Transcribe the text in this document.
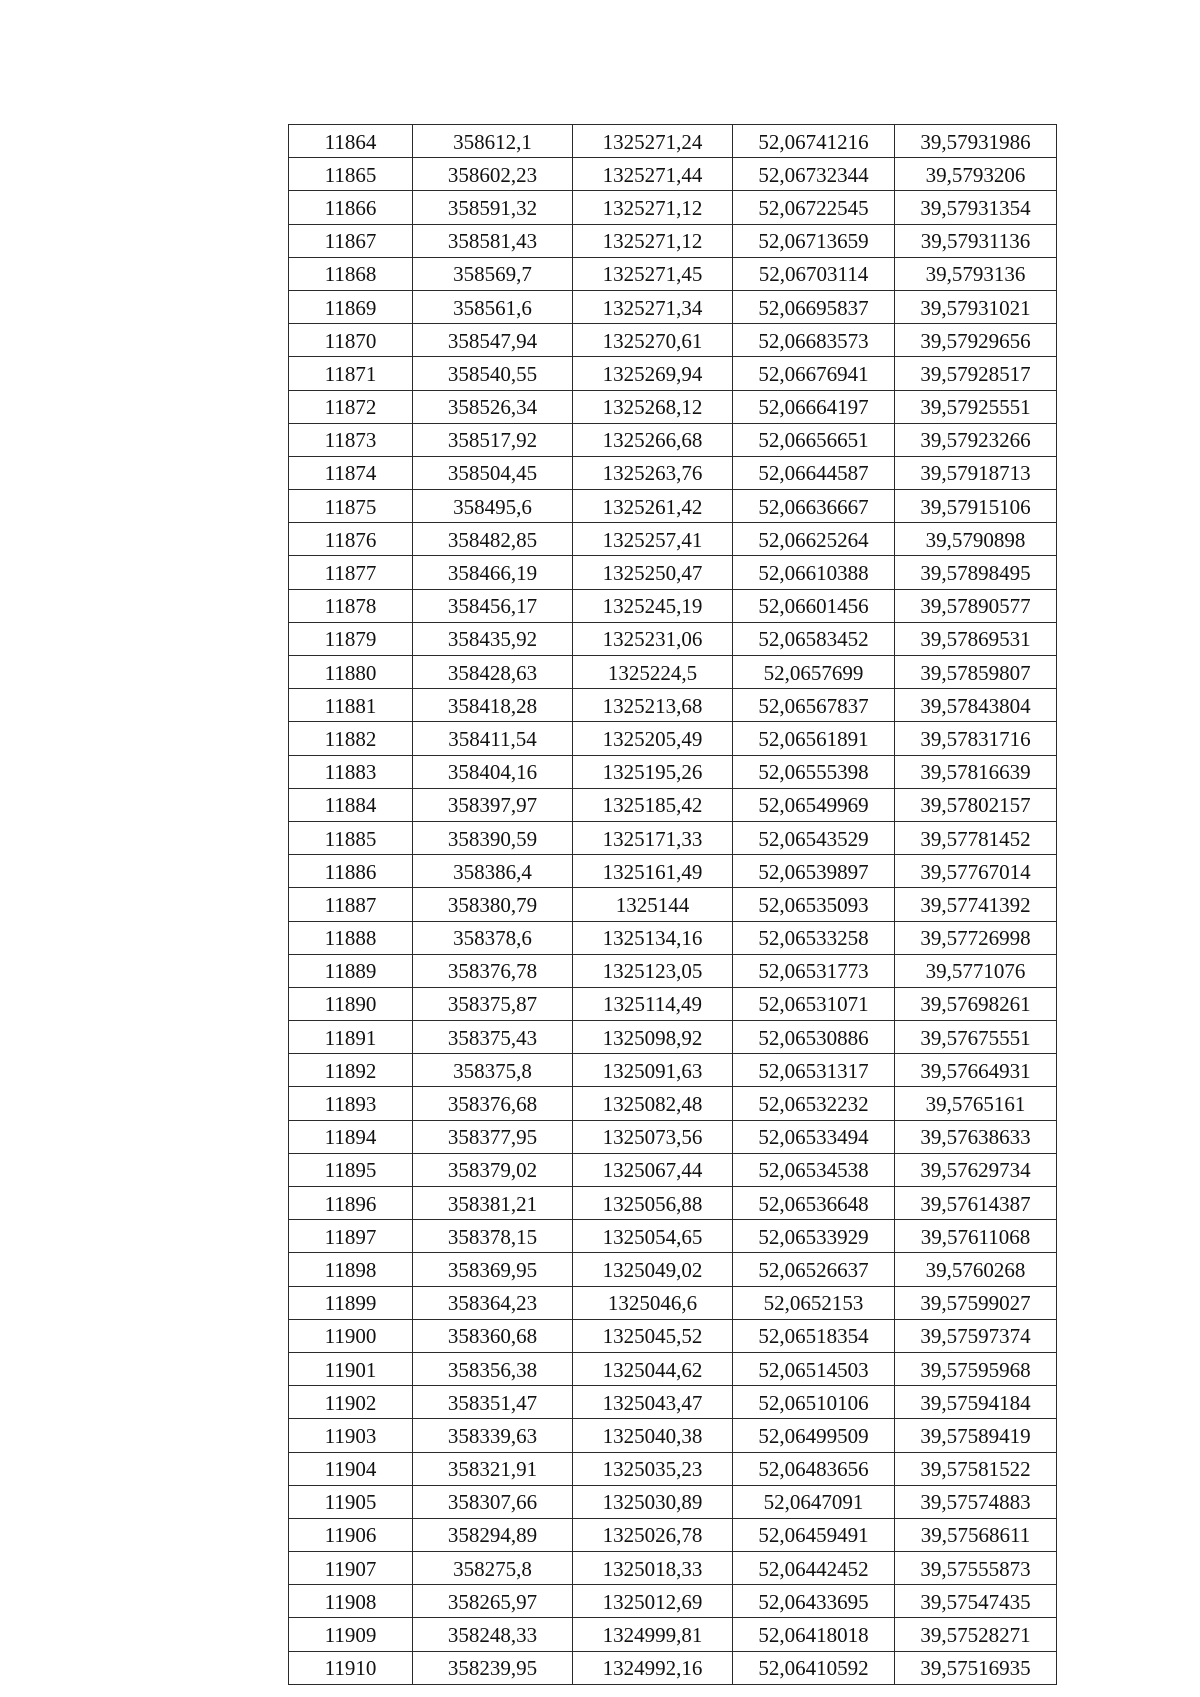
11864	358612,1	1325271,24	52,06741216	39,57931986
11865	358602,23	1325271,44	52,06732344	39,5793206
11866	358591,32	1325271,12	52,06722545	39,57931354
11867	358581,43	1325271,12	52,06713659	39,57931136
11868	358569,7	1325271,45	52,06703114	39,5793136
11869	358561,6	1325271,34	52,06695837	39,57931021
11870	358547,94	1325270,61	52,06683573	39,57929656
11871	358540,55	1325269,94	52,06676941	39,57928517
11872	358526,34	1325268,12	52,06664197	39,57925551
11873	358517,92	1325266,68	52,06656651	39,57923266
11874	358504,45	1325263,76	52,06644587	39,57918713
11875	358495,6	1325261,42	52,06636667	39,57915106
11876	358482,85	1325257,41	52,06625264	39,5790898
11877	358466,19	1325250,47	52,06610388	39,57898495
11878	358456,17	1325245,19	52,06601456	39,57890577
11879	358435,92	1325231,06	52,06583452	39,57869531
11880	358428,63	1325224,5	52,0657699	39,57859807
11881	358418,28	1325213,68	52,06567837	39,57843804
11882	358411,54	1325205,49	52,06561891	39,57831716
11883	358404,16	1325195,26	52,06555398	39,57816639
11884	358397,97	1325185,42	52,06549969	39,57802157
11885	358390,59	1325171,33	52,06543529	39,57781452
11886	358386,4	1325161,49	52,06539897	39,57767014
11887	358380,79	1325144	52,06535093	39,57741392
11888	358378,6	1325134,16	52,06533258	39,57726998
11889	358376,78	1325123,05	52,06531773	39,5771076
11890	358375,87	1325114,49	52,06531071	39,57698261
11891	358375,43	1325098,92	52,06530886	39,57675551
11892	358375,8	1325091,63	52,06531317	39,57664931
11893	358376,68	1325082,48	52,06532232	39,5765161
11894	358377,95	1325073,56	52,06533494	39,57638633
11895	358379,02	1325067,44	52,06534538	39,57629734
11896	358381,21	1325056,88	52,06536648	39,57614387
11897	358378,15	1325054,65	52,06533929	39,57611068
11898	358369,95	1325049,02	52,06526637	39,5760268
11899	358364,23	1325046,6	52,0652153	39,57599027
11900	358360,68	1325045,52	52,06518354	39,57597374
11901	358356,38	1325044,62	52,06514503	39,57595968
11902	358351,47	1325043,47	52,06510106	39,57594184
11903	358339,63	1325040,38	52,06499509	39,57589419
11904	358321,91	1325035,23	52,06483656	39,57581522
11905	358307,66	1325030,89	52,0647091	39,57574883
11906	358294,89	1325026,78	52,06459491	39,57568611
11907	358275,8	1325018,33	52,06442452	39,57555873
11908	358265,97	1325012,69	52,06433695	39,57547435
11909	358248,33	1324999,81	52,06418018	39,57528271
11910	358239,95	1324992,16	52,06410592	39,57516935
